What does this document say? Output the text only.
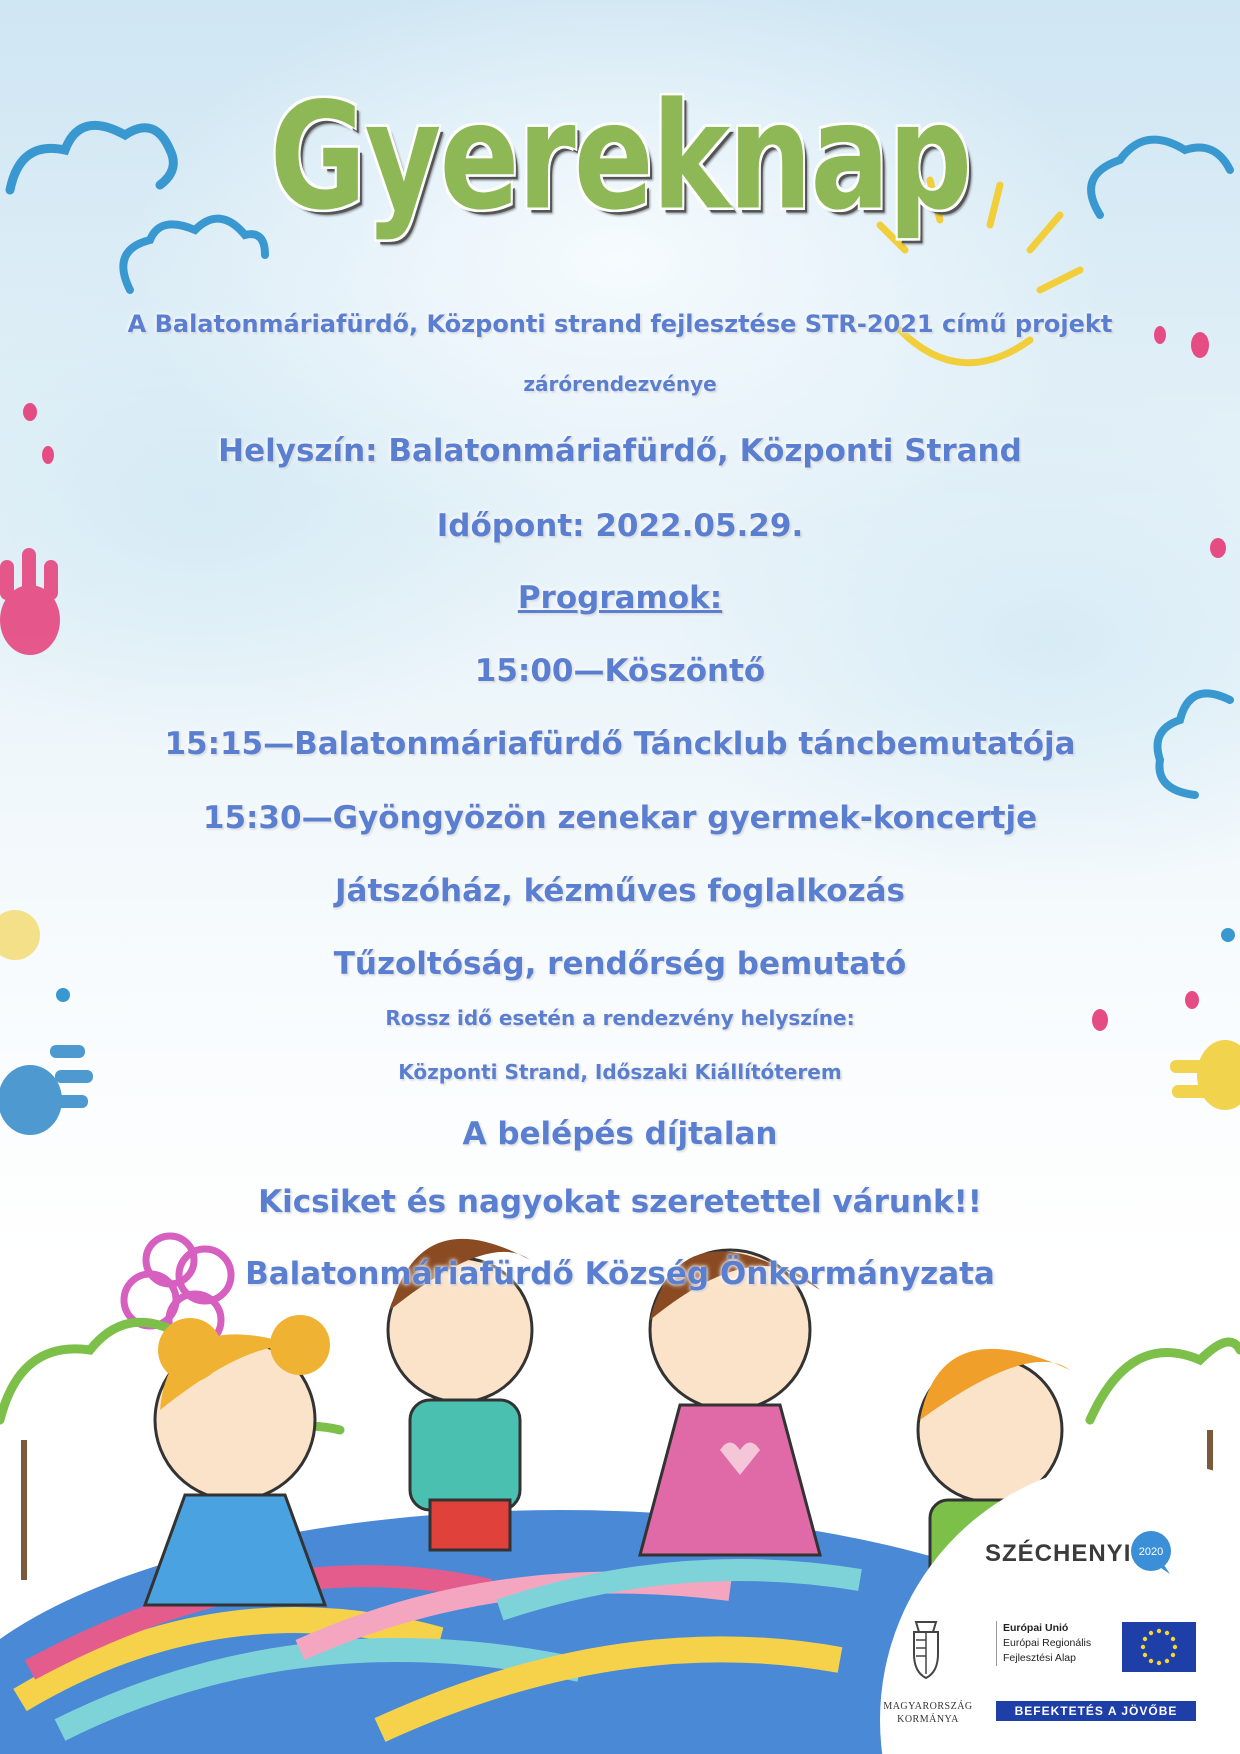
Gyereknap
A Balatonmáriafürdő, Központi strand fejlesztése STR-2021 című projekt
zárórendezvénye
Helyszín: Balatonmáriafürdő, Központi Strand
Időpont: 2022.05.29.
Programok:
15:00—Köszöntő
15:15—Balatonmáriafürdő Táncklub táncbemutatója
15:30—Gyöngyözön zenekar gyermek-koncertje
Játszóház, kézműves foglalkozás
Tűzoltóság, rendőrség bemutató
Rossz idő esetén a rendezvény helyszíne:
Központi Strand, Időszaki Kiállítóterem
A belépés díjtalan
Kicsiket és nagyokat szeretettel várunk!!
Balatonmáriafürdő Község Önkormányzata
SZÉCHENYI 2020
MAGYARORSZÁG
KORMÁNYA
Európai Unió
Európai Regionális
Fejlesztési Alap
BEFEKTETÉS A JÖVŐBE
